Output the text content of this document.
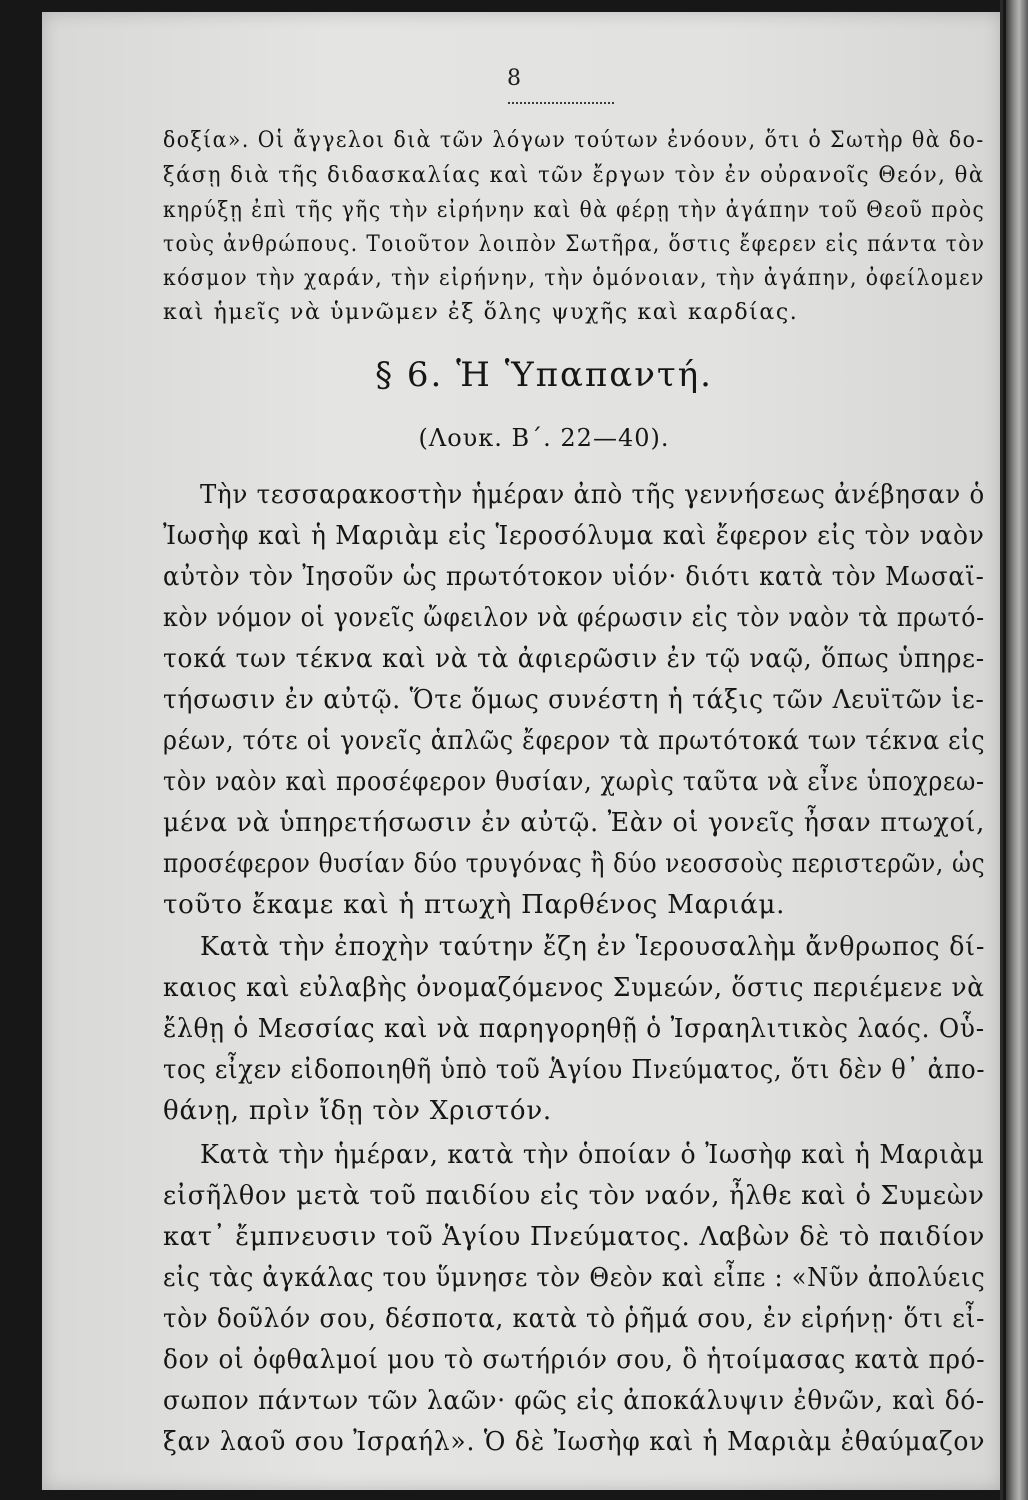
8
δοξία». Οἱ ἄγγελοι διὰ τῶν λόγων τούτων ἐνόουν, ὅτι ὁ Σωτὴρ θὰ δο-
ξάσῃ διὰ τῆς διδασκαλίας καὶ τῶν ἔργων τὸν ἐν οὐρανοῖς Θεόν, θὰ
κηρύξῃ ἐπὶ τῆς γῆς τὴν εἰρήνην καὶ θὰ φέρῃ τὴν ἀγάπην τοῦ Θεοῦ πρὸς
τοὺς ἀνθρώπους. Τοιοῦτον λοιπὸν Σωτῆρα, ὅστις ἔφερεν εἰς πάντα τὸν
κόσμον τὴν χαράν, τὴν εἰρήνην, τὴν ὁμόνοιαν, τὴν ἀγάπην, ὀφείλομεν
καὶ ἡμεῖς νὰ ὑμνῶμεν ἐξ ὅλης ψυχῆς καὶ καρδίας.
§ 6. Ἡ Ὑπαπαντή.
(Λουκ. Β΄. 22—40).
Τὴν τεσσαρακοστὴν ἡμέραν ἀπὸ τῆς γεννήσεως ἀνέβησαν ὁ
Ἰωσὴφ καὶ ἡ Μαριὰμ εἰς Ἱεροσόλυμα καὶ ἔφερον εἰς τὸν ναὸν
αὐτὸν τὸν Ἰησοῦν ὡς πρωτότοκον υἱόν· διότι κατὰ τὸν Μωσαϊ-
κὸν νόμον οἱ γονεῖς ὤφειλον νὰ φέρωσιν εἰς τὸν ναὸν τὰ πρωτό-
τοκά των τέκνα καὶ νὰ τὰ ἀφιερῶσιν ἐν τῷ ναῷ, ὅπως ὑπηρε-
τήσωσιν ἐν αὐτῷ. Ὅτε ὅμως συνέστη ἡ τάξις τῶν Λευϊτῶν ἱε-
ρέων, τότε οἱ γονεῖς ἁπλῶς ἔφερον τὰ πρωτότοκά των τέκνα εἰς
τὸν ναὸν καὶ προσέφερον θυσίαν, χωρὶς ταῦτα νὰ εἶνε ὑποχρεω-
μένα νὰ ὑπηρετήσωσιν ἐν αὐτῷ. Ἐὰν οἱ γονεῖς ἦσαν πτωχοί,
προσέφερον θυσίαν δύο τρυγόνας ἢ δύο νεοσσοὺς περιστερῶν, ὡς
τοῦτο ἔκαμε καὶ ἡ πτωχὴ Παρθένος Μαριάμ.
Κατὰ τὴν ἐποχὴν ταύτην ἔζη ἐν Ἱερουσαλὴμ ἄνθρωπος δί-
καιος καὶ εὐλαβὴς ὀνομαζόμενος Συμεών, ὅστις περιέμενε νὰ
ἔλθῃ ὁ Μεσσίας καὶ νὰ παρηγορηθῇ ὁ Ἰσραηλιτικὸς λαός. Οὗ-
τος εἶχεν εἰδοποιηθῆ ὑπὸ τοῦ Ἁγίου Πνεύματος, ὅτι δὲν θ᾽ ἀπο-
θάνῃ, πρὶν ἴδῃ τὸν Χριστόν.
Κατὰ τὴν ἡμέραν, κατὰ τὴν ὁποίαν ὁ Ἰωσὴφ καὶ ἡ Μαριὰμ
εἰσῆλθον μετὰ τοῦ παιδίου εἰς τὸν ναόν, ἦλθε καὶ ὁ Συμεὼν
κατ᾽ ἔμπνευσιν τοῦ Ἁγίου Πνεύματος. Λαβὼν δὲ τὸ παιδίον
εἰς τὰς ἀγκάλας του ὕμνησε τὸν Θεὸν καὶ εἶπε : «Νῦν ἀπολύεις
τὸν δοῦλόν σου, δέσποτα, κατὰ τὸ ῥῆμά σου, ἐν εἰρήνῃ· ὅτι εἶ-
δον οἱ ὀφθαλμοί μου τὸ σωτήριόν σου, ὃ ἡτοίμασας κατὰ πρό-
σωπον πάντων τῶν λαῶν· φῶς εἰς ἀποκάλυψιν ἐθνῶν, καὶ δό-
ξαν λαοῦ σου Ἰσραήλ». Ὁ δὲ Ἰωσὴφ καὶ ἡ Μαριὰμ ἐθαύμαζον
